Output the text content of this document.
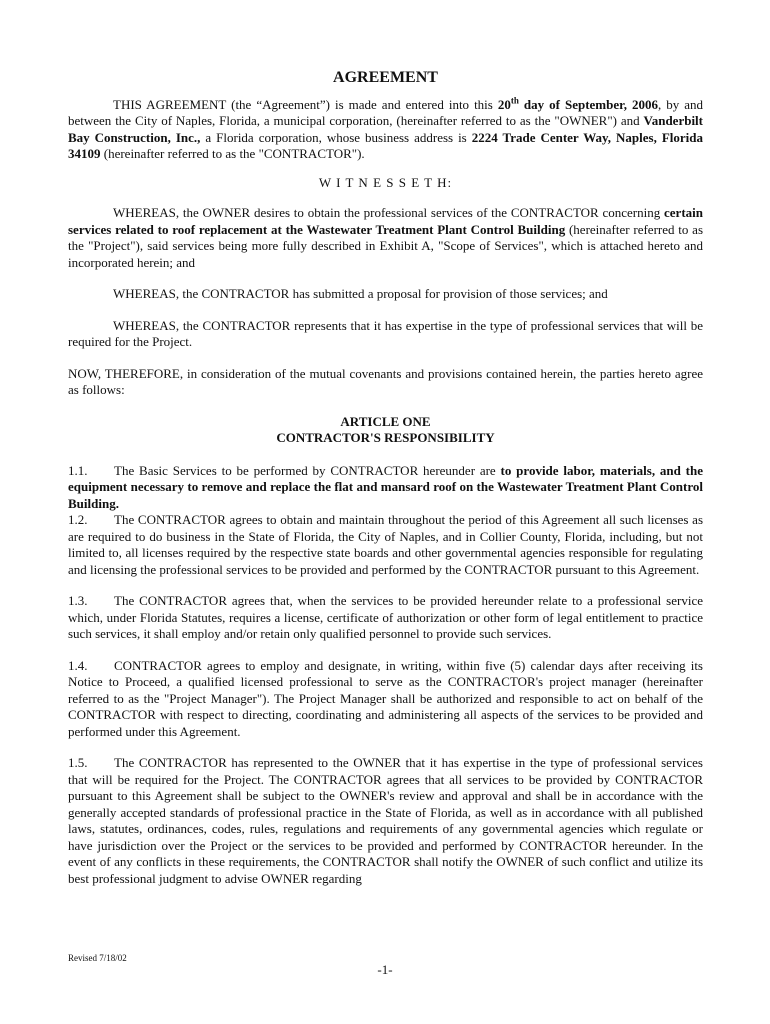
AGREEMENT

THIS AGREEMENT (the “Agreement”) is made and entered into this 20th day of September, 2006, by and between the City of Naples, Florida, a municipal corporation, (hereinafter referred to as the "OWNER") and Vanderbilt Bay Construction, Inc., a Florida corporation, whose business address is 2224 Trade Center Way, Naples, Florida 34109 (hereinafter referred to as the "CONTRACTOR").

W I T N E S S E T H:

WHEREAS, the OWNER desires to obtain the professional services of the CONTRACTOR concerning certain services related to roof replacement at the Wastewater Treatment Plant Control Building (hereinafter referred to as the "Project"), said services being more fully described in Exhibit A, "Scope of Services", which is attached hereto and incorporated herein; and

WHEREAS, the CONTRACTOR has submitted a proposal for provision of those services; and

WHEREAS, the CONTRACTOR represents that it has expertise in the type of professional services that will be required for the Project.

NOW, THEREFORE, in consideration of the mutual covenants and provisions contained herein, the parties hereto agree as follows:

ARTICLE ONE
CONTRACTOR'S RESPONSIBILITY

1.1. The Basic Services to be performed by CONTRACTOR hereunder are to provide labor, materials, and the equipment necessary to remove and replace the flat and mansard roof on the Wastewater Treatment Plant Control Building.

1.2. The CONTRACTOR agrees to obtain and maintain throughout the period of this Agreement all such licenses as are required to do business in the State of Florida, the City of Naples, and in Collier County, Florida, including, but not limited to, all licenses required by the respective state boards and other governmental agencies responsible for regulating and licensing the professional services to be provided and performed by the CONTRACTOR pursuant to this Agreement.

1.3. The CONTRACTOR agrees that, when the services to be provided hereunder relate to a professional service which, under Florida Statutes, requires a license, certificate of authorization or other form of legal entitlement to practice such services, it shall employ and/or retain only qualified personnel to provide such services.

1.4. CONTRACTOR agrees to employ and designate, in writing, within five (5) calendar days after receiving its Notice to Proceed, a qualified licensed professional to serve as the CONTRACTOR's project manager (hereinafter referred to as the "Project Manager"). The Project Manager shall be authorized and responsible to act on behalf of the CONTRACTOR with respect to directing, coordinating and administering all aspects of the services to be provided and performed under this Agreement.

1.5. The CONTRACTOR has represented to the OWNER that it has expertise in the type of professional services that will be required for the Project. The CONTRACTOR agrees that all services to be provided by CONTRACTOR pursuant to this Agreement shall be subject to the OWNER's review and approval and shall be in accordance with the generally accepted standards of professional practice in the State of Florida, as well as in accordance with all published laws, statutes, ordinances, codes, rules, regulations and requirements of any governmental agencies which regulate or have jurisdiction over the Project or the services to be provided and performed by CONTRACTOR hereunder. In the event of any conflicts in these requirements, the CONTRACTOR shall notify the OWNER of such conflict and utilize its best professional judgment to advise OWNER regarding

Revised 7/18/02
-1-
